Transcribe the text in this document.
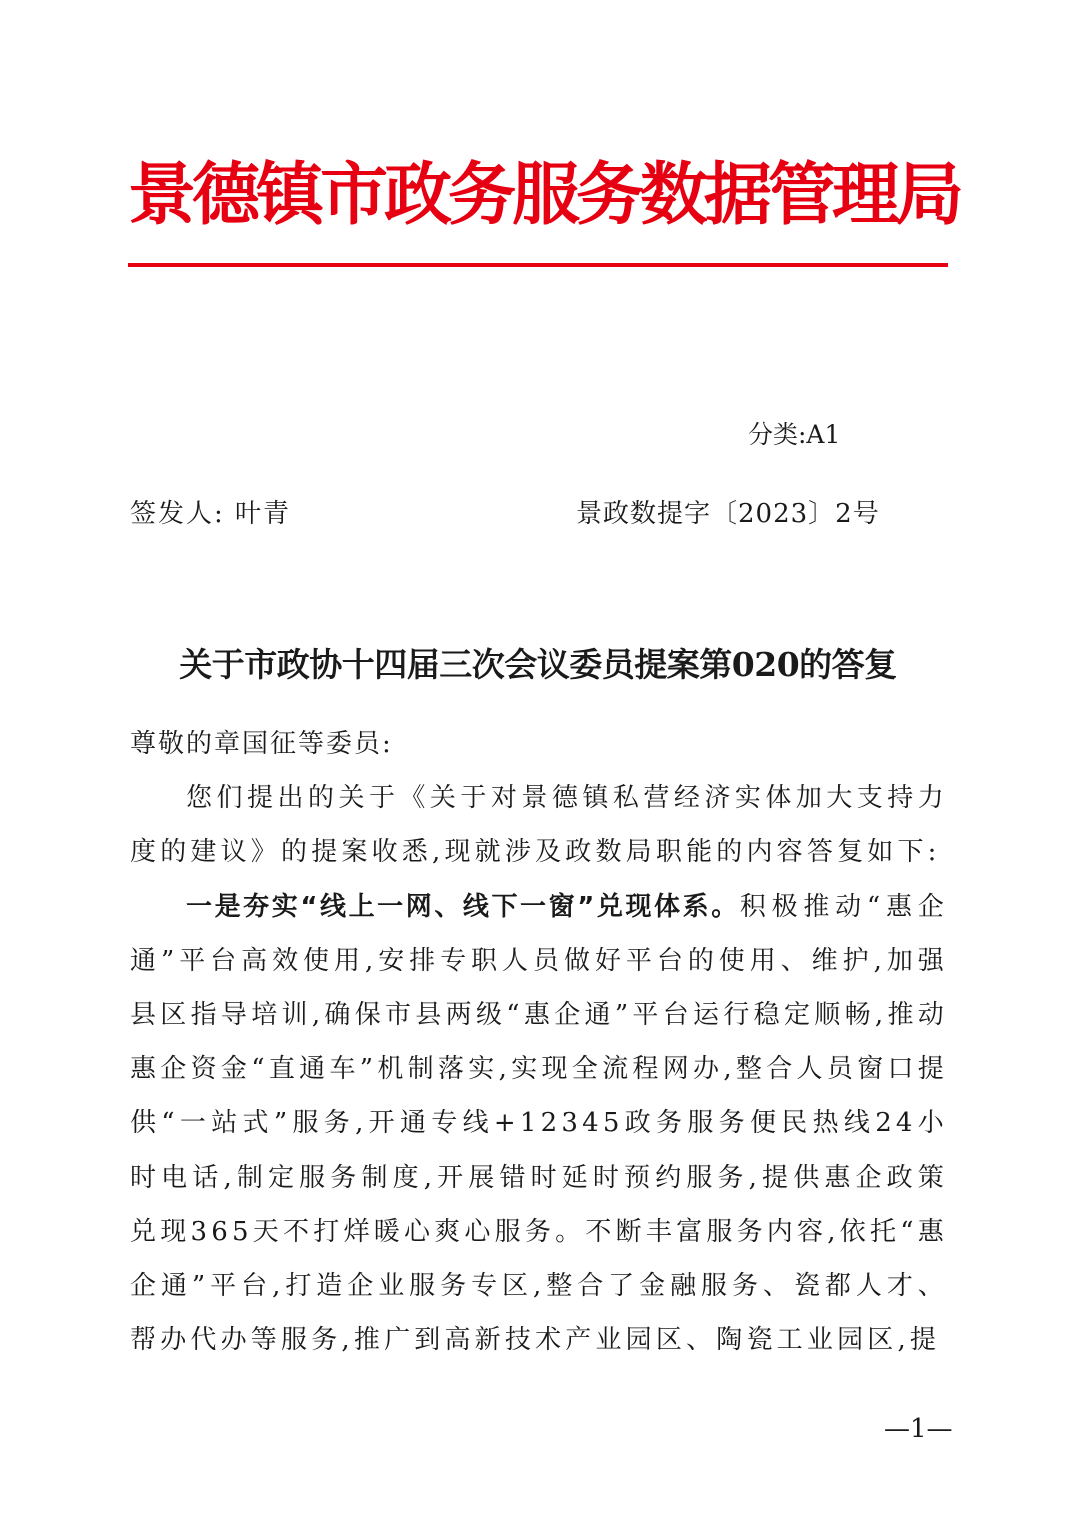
景德镇市政务服务数据管理局
分类:A1
签发人: 叶青	景政数提字〔2023〕2号
关于市政协十四届三次会议委员提案第020的答复

尊敬的章国征等委员:

您们提出的关于《关于对景德镇私营经济实体加大支持力度的建议》的提案收悉,现就涉及政数局职能的内容答复如下:

一是夯实“线上一网、线下一窗”兑现体系。积极推动“惠企通”平台高效使用,安排专职人员做好平台的使用、维护,加强县区指导培训,确保市县两级“惠企通”平台运行稳定顺畅,推动惠企资金“直通车”机制落实,实现全流程网办,整合人员窗口提供“一站式”服务,开通专线+12345政务服务便民热线24小时电话,制定服务制度,开展错时延时预约服务,提供惠企政策兑现365天不打烊暖心爽心服务。不断丰富服务内容,依托“惠企通”平台,打造企业服务专区,整合了金融服务、瓷都人才、帮办代办等服务,推广到高新技术产业园区、陶瓷工业园区,提

—1—
